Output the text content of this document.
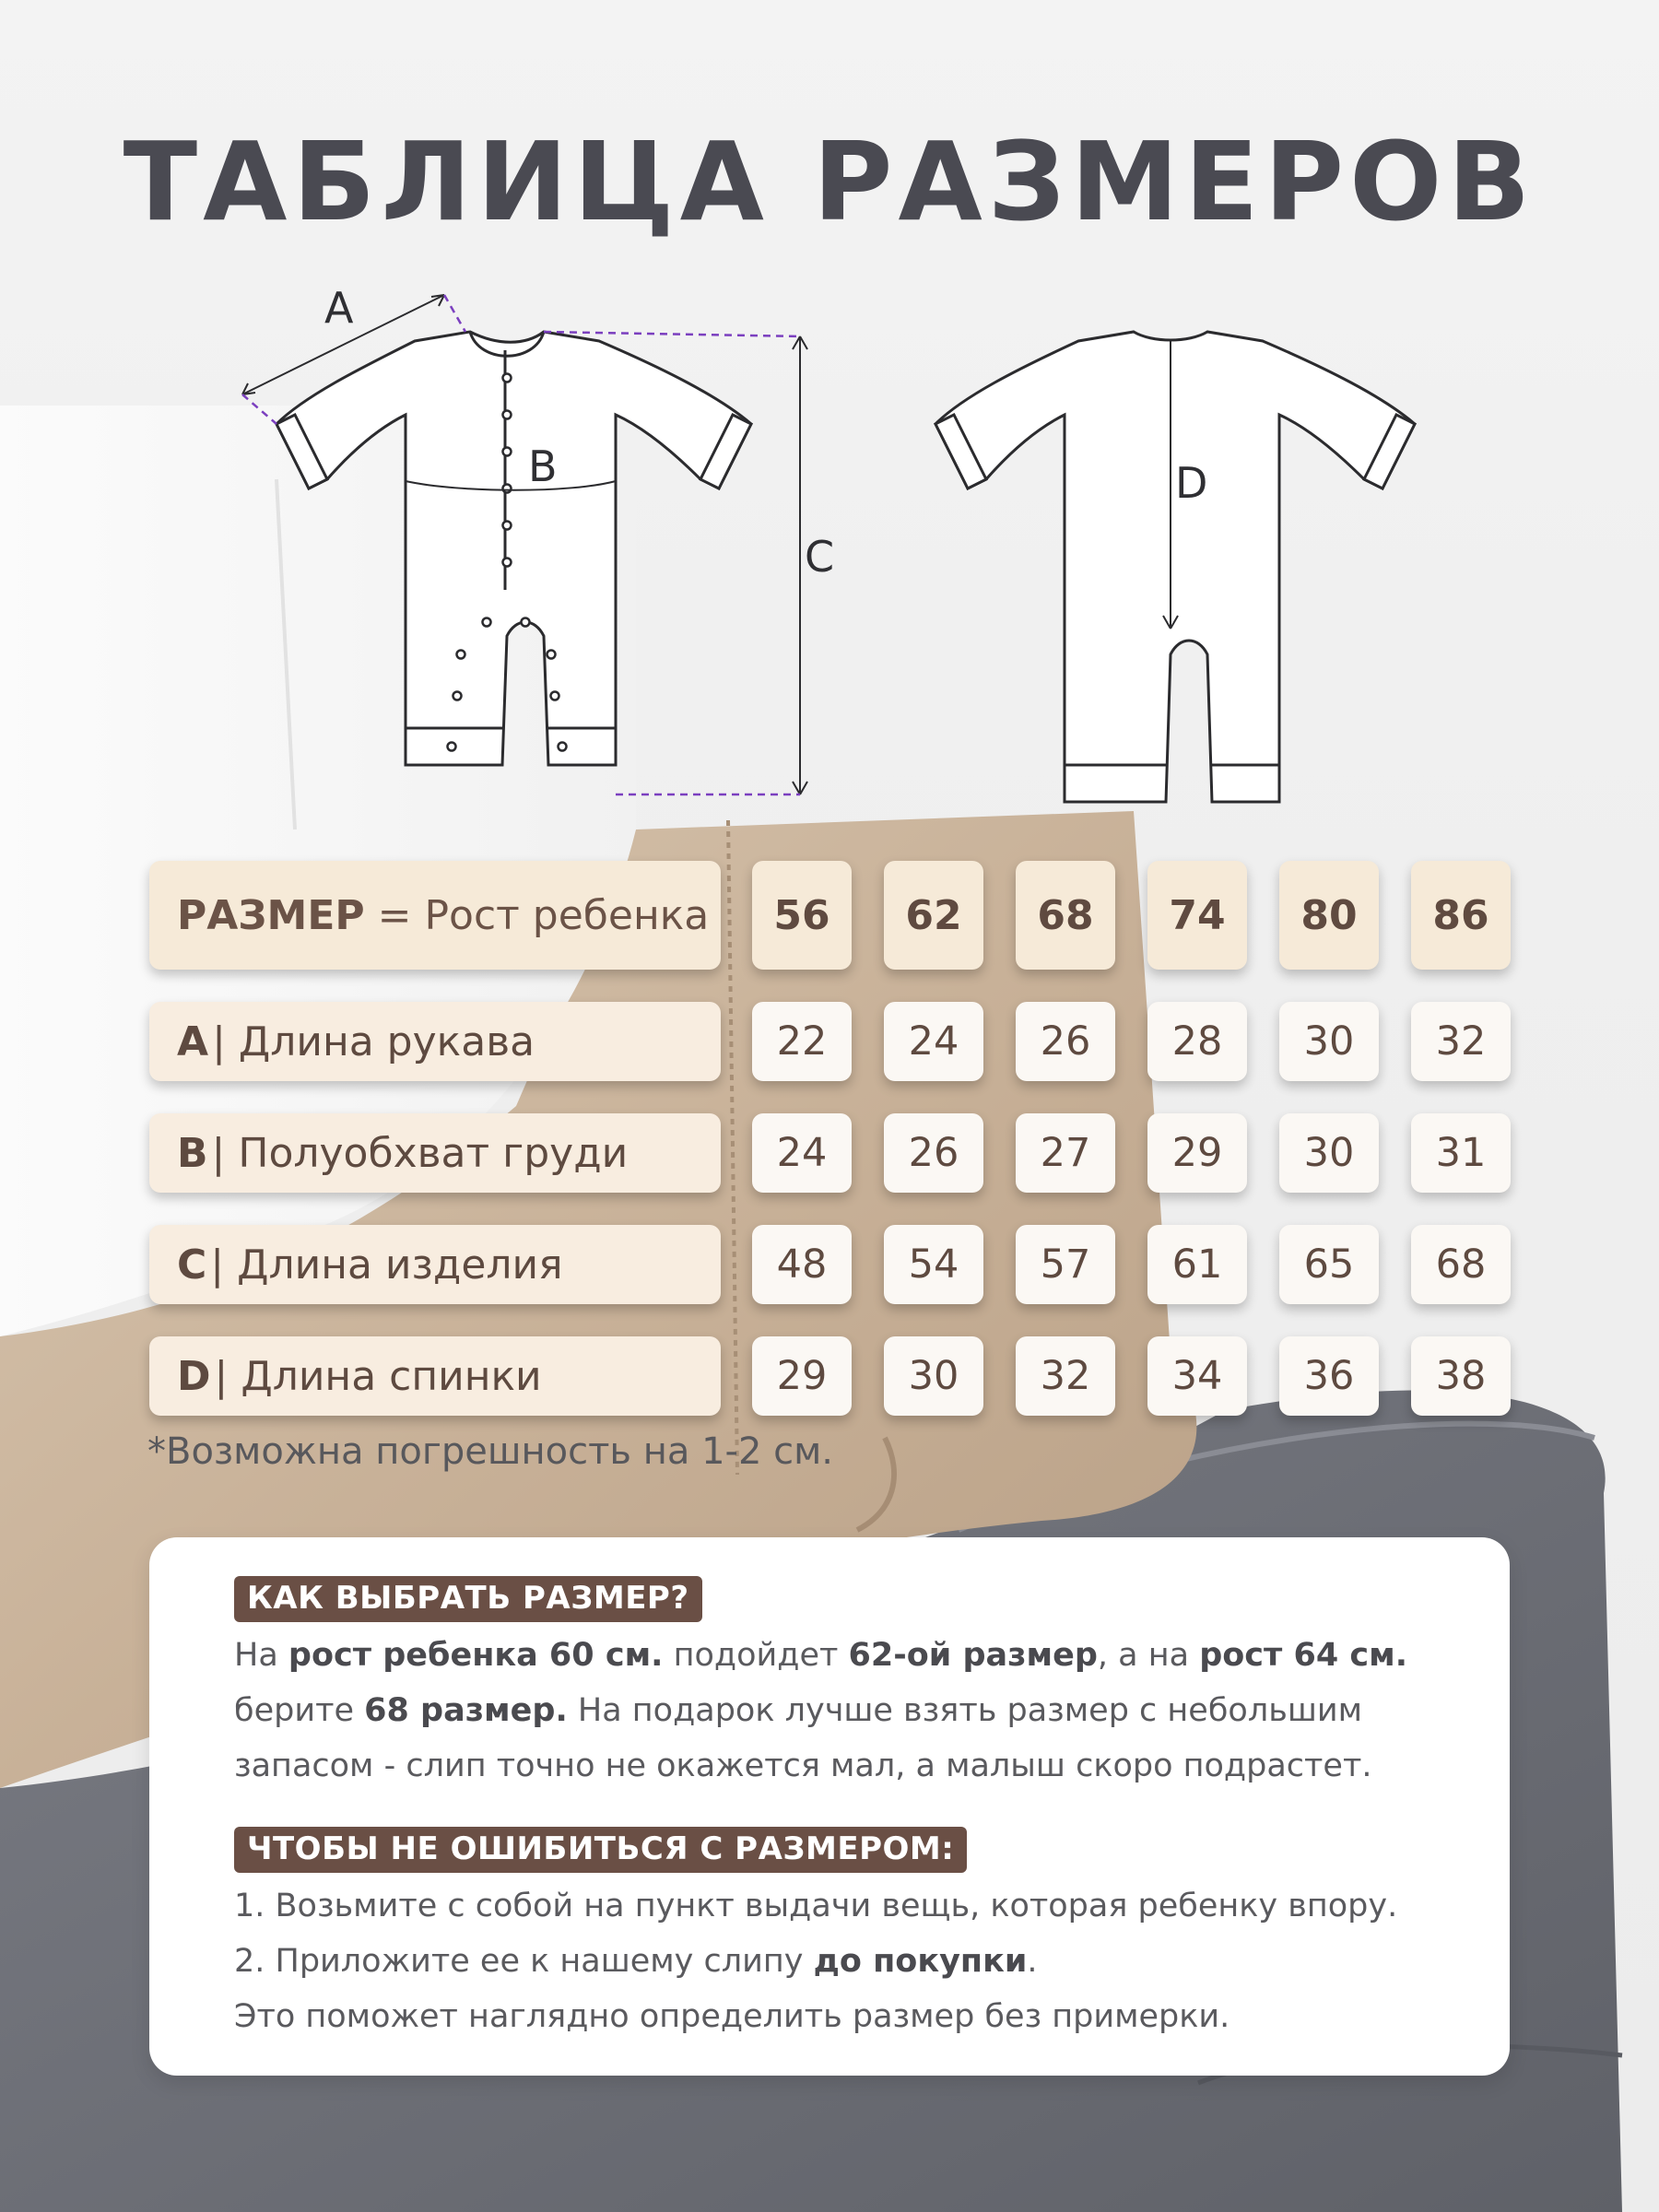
ТАБЛИЦА РАЗМЕРОВ
A
B
C
D
РАЗМЕР = Рост ребенка	56	62	68	74	80	86
A | Длина рукава	22	24	26	28	30	32
B | Полуобхват груди	24	26	27	29	30	31
C | Длина изделия	48	54	57	61	65	68
D | Длина спинки	29	30	32	34	36	38
*Возможна погрешность на 1-2 см.
КАК ВЫБРАТЬ РАЗМЕР?

На рост ребенка 60 см. подойдет 62-ой размер, а на рост 64 см. берите 68 размер. На подарок лучше взять размер с небольшим запасом - слип точно не окажется мал, а малыш скоро подрастет.

ЧТОБЫ НЕ ОШИБИТЬСЯ С РАЗМЕРОМ:

1. Возьмите с собой на пункт выдачи вещь, которая ребенку впору.

2. Приложите ее к нашему слипу до покупки.

Это поможет наглядно определить размер без примерки.
